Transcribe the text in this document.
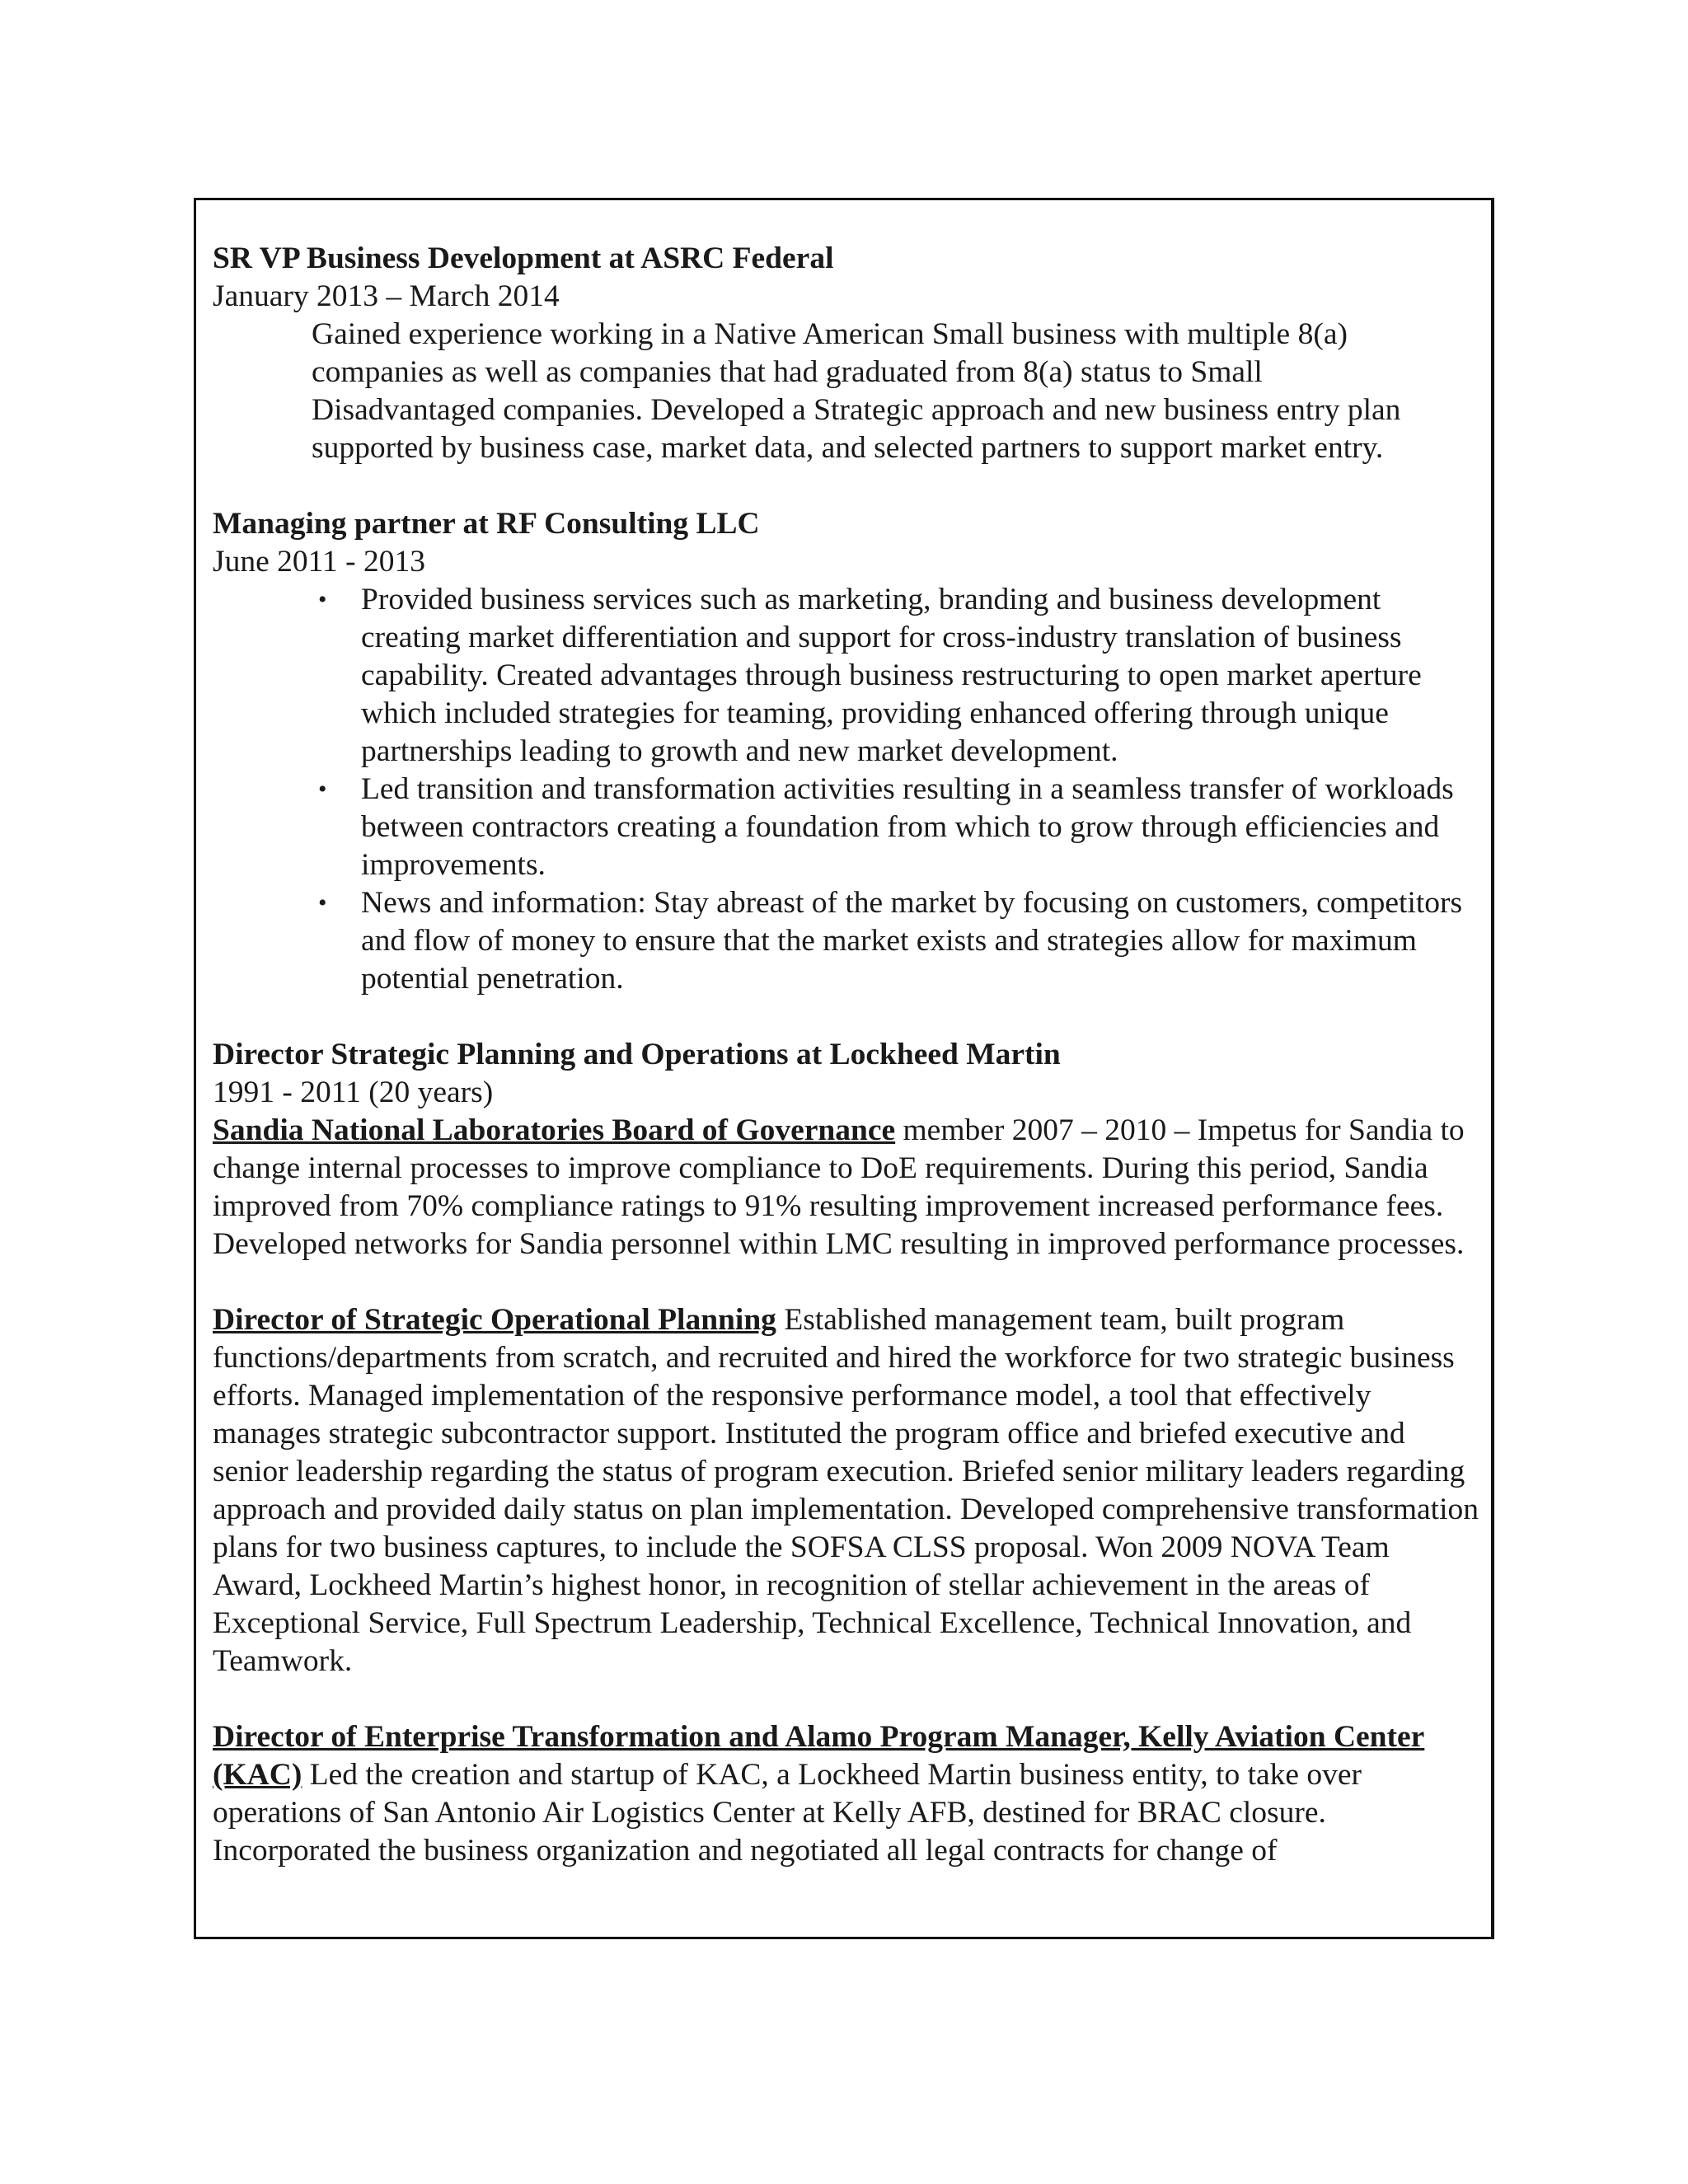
SR VP Business Development at ASRC Federal
January 2013 – March 2014

Gained experience working in a Native American Small business with multiple 8(a) companies as well as companies that had graduated from 8(a) status to Small Disadvantaged companies. Developed a Strategic approach and new business entry plan supported by business case, market data, and selected partners to support market entry.

Managing partner at RF Consulting LLC
June 2011 - 2013
• Provided business services such as marketing, branding and business development creating market differentiation and support for cross-industry translation of business capability. Created advantages through business restructuring to open market aperture which included strategies for teaming, providing enhanced offering through unique partnerships leading to growth and new market development.
• Led transition and transformation activities resulting in a seamless transfer of workloads between contractors creating a foundation from which to grow through efficiencies and improvements.
• News and information: Stay abreast of the market by focusing on customers, competitors and flow of money to ensure that the market exists and strategies allow for maximum potential penetration.
Director Strategic Planning and Operations at Lockheed Martin
1991 - 2011 (20 years)

Sandia National Laboratories Board of Governance member 2007 – 2010 – Impetus for Sandia to change internal processes to improve compliance to DoE requirements. During this period, Sandia improved from 70% compliance ratings to 91% resulting improvement increased performance fees. Developed networks for Sandia personnel within LMC resulting in improved performance processes.

Director of Strategic Operational Planning Established management team, built program functions/departments from scratch, and recruited and hired the workforce for two strategic business efforts. Managed implementation of the responsive performance model, a tool that effectively manages strategic subcontractor support. Instituted the program office and briefed executive and senior leadership regarding the status of program execution. Briefed senior military leaders regarding approach and provided daily status on plan implementation. Developed comprehensive transformation plans for two business captures, to include the SOFSA CLSS proposal. Won 2009 NOVA Team Award, Lockheed Martin’s highest honor, in recognition of stellar achievement in the areas of Exceptional Service, Full Spectrum Leadership, Technical Excellence, Technical Innovation, and Teamwork.

Director of Enterprise Transformation and Alamo Program Manager, Kelly Aviation Center (KAC) Led the creation and startup of KAC, a Lockheed Martin business entity, to take over operations of San Antonio Air Logistics Center at Kelly AFB, destined for BRAC closure. Incorporated the business organization and negotiated all legal contracts for change of
